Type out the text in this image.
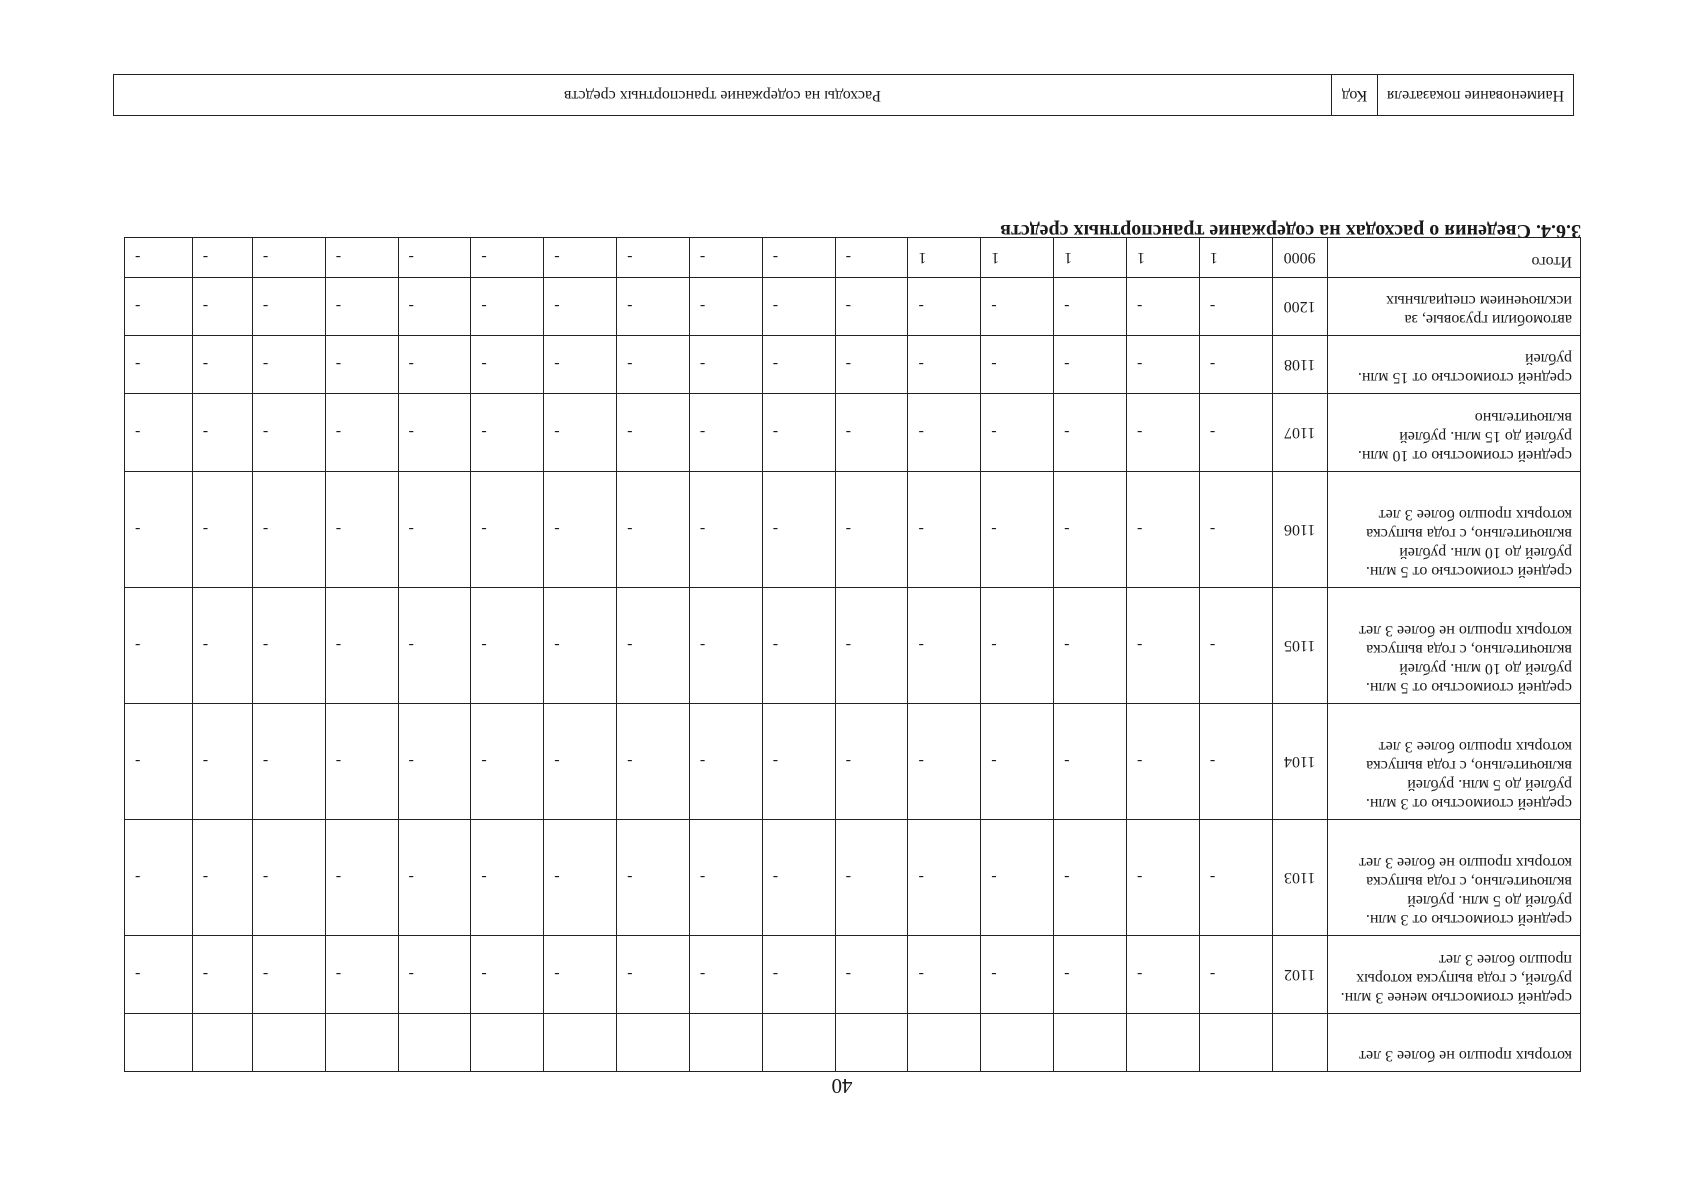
40
которых прошло не более 3 лет																	
средней стоимостью менее 3 млн. рублей, с года выпуска которых прошло более 3 лет	1102	-	-	-	-	-	-	-	-	-	-	-	-	-	-	-	-
средней стоимостью от 3 млн. рублей до 5 млн. рублей включительно, с года выпуска которых прошло не более 3 лет	1103	-	-	-	-	-	-	-	-	-	-	-	-	-	-	-	-
средней стоимостью от 3 млн. рублей до 5 млн. рублей включительно, с года выпуска которых прошло более 3 лет	1104	-	-	-	-	-	-	-	-	-	-	-	-	-	-	-	-
средней стоимостью от 5 млн. рублей до 10 млн. рублей включительно, с года выпуска которых прошло не более 3 лет	1105	-	-	-	-	-	-	-	-	-	-	-	-	-	-	-	-
средней стоимостью от 5 млн. рублей до 10 млн. рублей включительно, с года выпуска которых прошло более 3 лет	1106	-	-	-	-	-	-	-	-	-	-	-	-	-	-	-	-
средней стоимостью от 10 млн. рублей до 15 млн. рублей включительно	1107	-	-	-	-	-	-	-	-	-	-	-	-	-	-	-	-
средней стоимостью от 15 млн. рублей	1108	-	-	-	-	-	-	-	-	-	-	-	-	-	-	-	-
автомобили грузовые, за исключением специальных	1200	-	-	-	-	-	-	-	-	-	-	-	-	-	-	-	-
Итого	9000	1	1	1	1	1	-	-	-	-	-	-	-	-	-	-	-
3.6.4. Сведения о расходах на содержание транспортных средств
Наименование показателя	Код	Расходы на содержание транспортных средств
